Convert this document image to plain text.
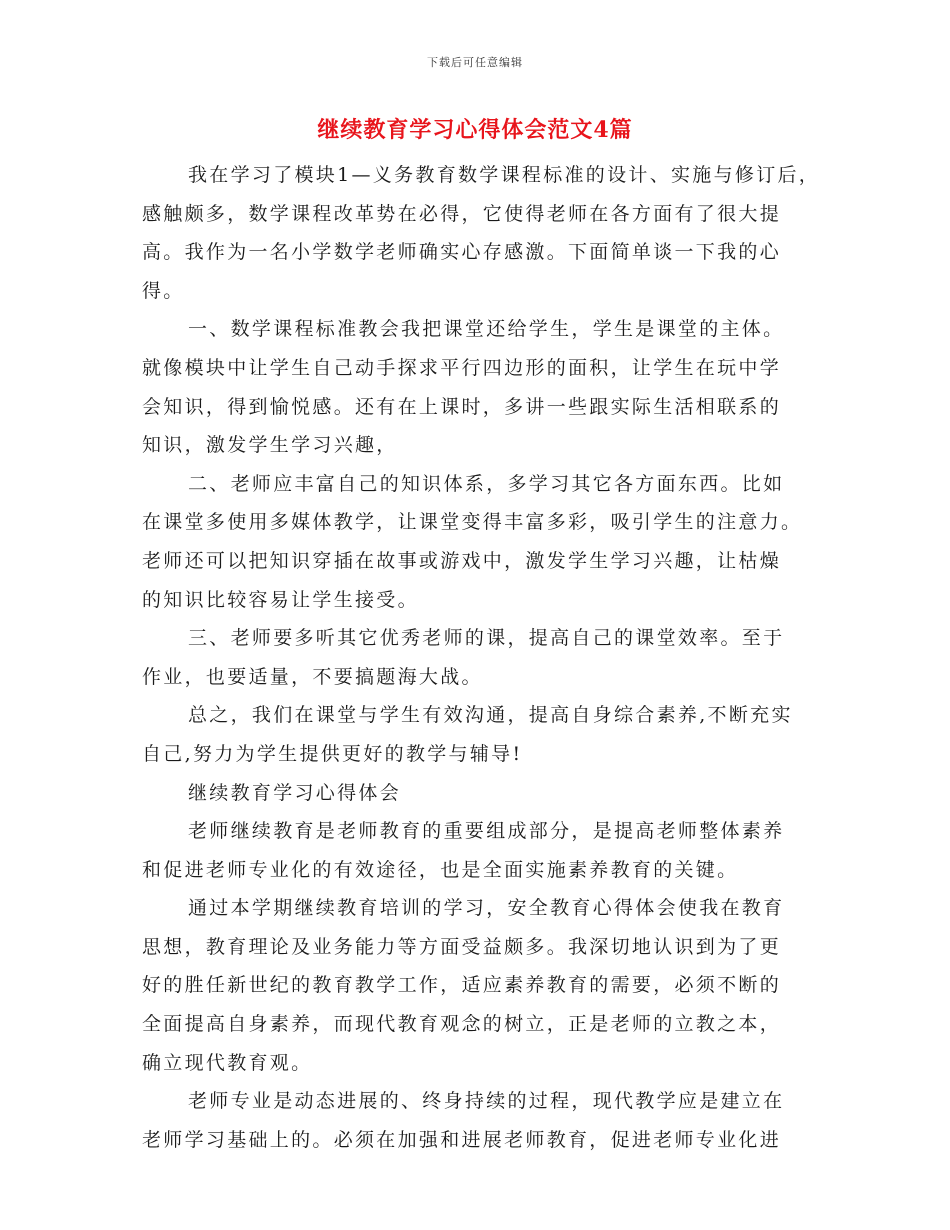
下载后可任意编辑
继续教育学习心得体会范文4篇
我在学习了模块1—义务教育数学课程标准的设计、实施与修订后，
感触颇多，数学课程改革势在必得，它使得老师在各方面有了很大提
高。我作为一名小学数学老师确实心存感激。下面简单谈一下我的心
得。
一、数学课程标准教会我把课堂还给学生，学生是课堂的主体。
就像模块中让学生自己动手探求平行四边形的面积，让学生在玩中学
会知识，得到愉悦感。还有在上课时，多讲一些跟实际生活相联系的
知识，激发学生学习兴趣，
二、老师应丰富自己的知识体系，多学习其它各方面东西。比如
在课堂多使用多媒体教学，让课堂变得丰富多彩，吸引学生的注意力。
老师还可以把知识穿插在故事或游戏中，激发学生学习兴趣，让枯燥
的知识比较容易让学生接受。
三、老师要多听其它优秀老师的课，提高自己的课堂效率。至于
作业，也要适量，不要搞题海大战。
总之，我们在课堂与学生有效沟通，提高自身综合素养,不断充实
自己,努力为学生提供更好的教学与辅导!
继续教育学习心得体会
老师继续教育是老师教育的重要组成部分，是提高老师整体素养
和促进老师专业化的有效途径，也是全面实施素养教育的关键。
通过本学期继续教育培训的学习，安全教育心得体会使我在教育
思想，教育理论及业务能力等方面受益颇多。我深切地认识到为了更
好的胜任新世纪的教育教学工作，适应素养教育的需要，必须不断的
全面提高自身素养，而现代教育观念的树立，正是老师的立教之本，
确立现代教育观。
老师专业是动态进展的、终身持续的过程，现代教学应是建立在
老师学习基础上的。必须在加强和进展老师教育，促进老师专业化进
